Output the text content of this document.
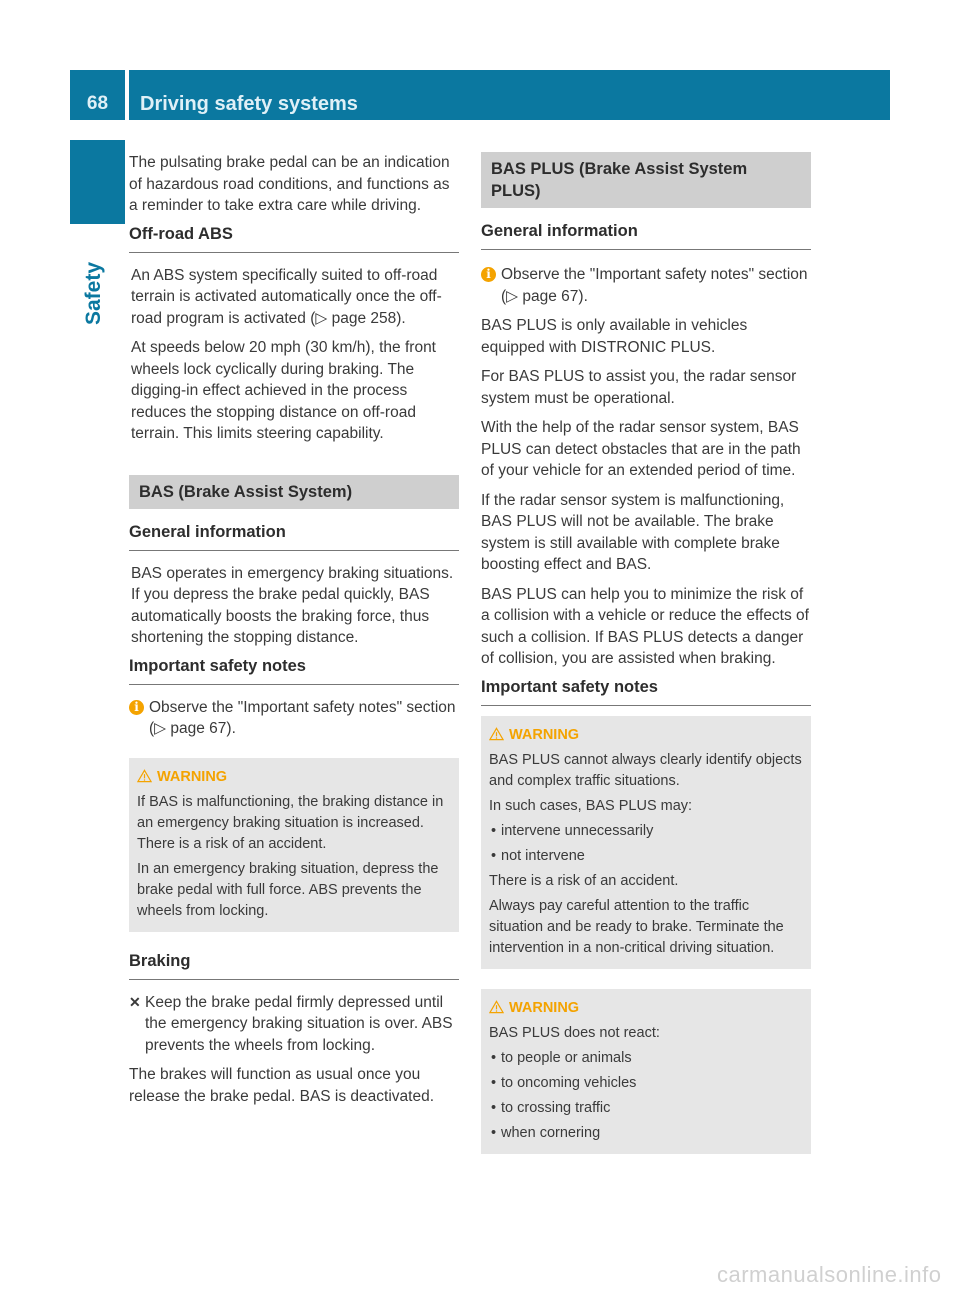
68	Driving safety systems
Safety

The pulsating brake pedal can be an indication of hazardous road conditions, and functions as a reminder to take extra care while driving.

Off-road ABS

An ABS system specifically suited to off-road terrain is activated automatically once the off-road program is activated (▷ page 258).

At speeds below 20 mph (30 km/h), the front wheels lock cyclically during braking. The digging-in effect achieved in the process reduces the stopping distance on off-road terrain. This limits steering capability.

BAS (Brake Assist System)
General information

BAS operates in emergency braking situations. If you depress the brake pedal quickly, BAS automatically boosts the braking force, thus shortening the stopping distance.

Important safety notes
i Observe the "Important safety notes" section (▷ page 67).
WARNING

If BAS is malfunctioning, the braking distance in an emergency braking situation is increased. There is a risk of an accident.

In an emergency braking situation, depress the brake pedal with full force. ABS prevents the wheels from locking.

Braking
✕ Keep the brake pedal firmly depressed until the emergency braking situation is over. ABS prevents the wheels from locking.

The brakes will function as usual once you release the brake pedal. BAS is deactivated.

BAS PLUS (Brake Assist System PLUS)
General information
i Observe the "Important safety notes" section (▷ page 67).

BAS PLUS is only available in vehicles equipped with DISTRONIC PLUS.

For BAS PLUS to assist you, the radar sensor system must be operational.

With the help of the radar sensor system, BAS PLUS can detect obstacles that are in the path of your vehicle for an extended period of time.

If the radar sensor system is malfunctioning, BAS PLUS will not be available. The brake system is still available with complete brake boosting effect and BAS.

BAS PLUS can help you to minimize the risk of a collision with a vehicle or reduce the effects of such a collision. If BAS PLUS detects a danger of collision, you are assisted when braking.

Important safety notes
WARNING

BAS PLUS cannot always clearly identify objects and complex traffic situations.

In such cases, BAS PLUS may:

• intervene unnecessarily

• not intervene

There is a risk of an accident.

Always pay careful attention to the traffic situation and be ready to brake. Terminate the intervention in a non-critical driving situation.

WARNING

BAS PLUS does not react:

• to people or animals

• to oncoming vehicles

• to crossing traffic

• when cornering

carmanualsonline.info
